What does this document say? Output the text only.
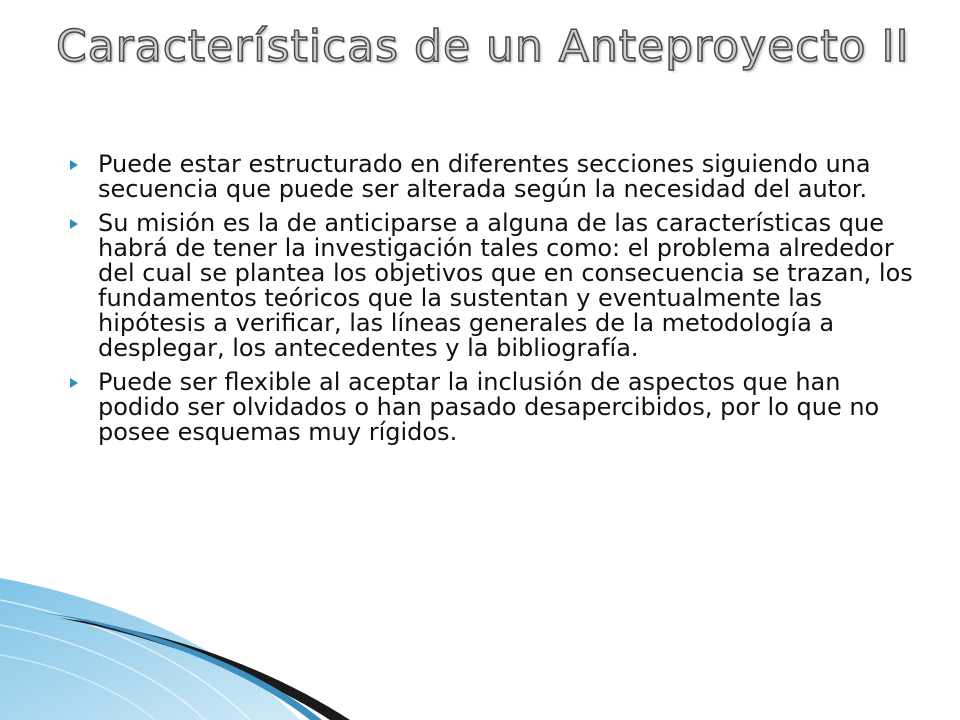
Características de un Anteproyecto II
Puede estar estructurado en diferentes secciones siguiendo una secuencia que puede ser alterada según la necesidad del autor.
Su misión es la de anticiparse a alguna de las características que habrá de tener la investigación tales como: el problema alrededor del cual se plantea los objetivos que en consecuencia se trazan, los fundamentos teóricos que la sustentan y eventualmente las hipótesis a verificar, las líneas generales de la metodología a desplegar, los antecedentes y la bibliografía.
Puede ser flexible al aceptar la inclusión de aspectos que han podido ser olvidados o han pasado desapercibidos, por lo que no posee esquemas muy rígidos.
